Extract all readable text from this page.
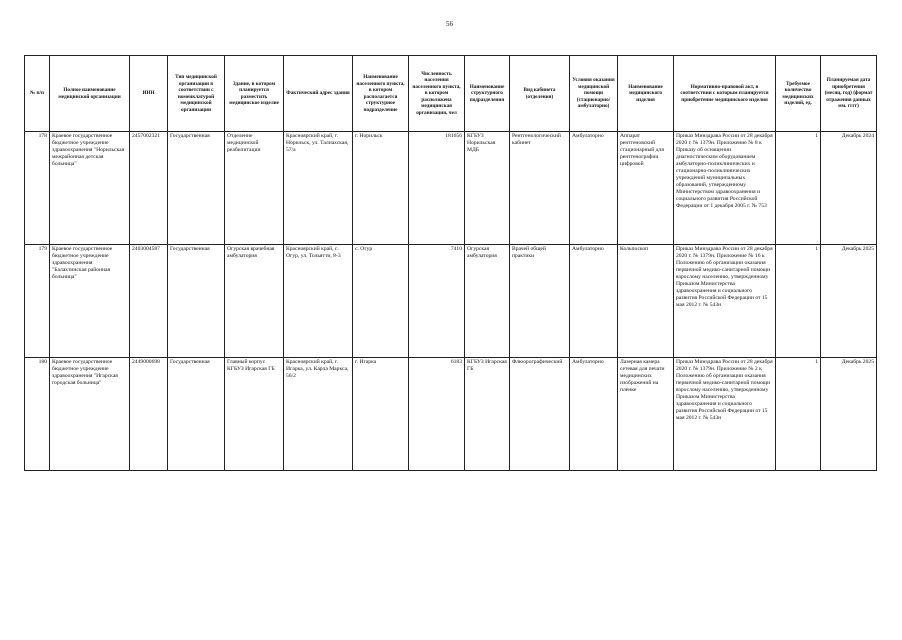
56
№ п/п	Полное наименование медицинской организации	ИНН	Тип медицинской организации в соответствии с номенклатурой медицинской организации	Здание, в котором планируется разместить медицинское изделие	Фактический адрес здания	Наименование населенного пункта, в котором располагается структурное подразделение	Численность населения населенного пункта, в котором расположена медицинская организация, чел	Наименование структурного подразделения	Вид кабинета (отделения)	Условия оказания медицинской помощи (стационарно/амбулаторно)	Наименование медицинского изделия	Нормативно-правовой акт, в соответствии с которым планируется приобретение медицинского изделия	Требуемое количество медицинских изделий, ед.	Планируемая дата приобретения (месяц, год) (формат отражения данных мм. гггг)
178	Краевое государственное бюджетное учреждение здравоохранения "Норильская межрайонная детская больница"	2457002321	Государственная	Отделение медицинской реабилитации	Красноярский край, г. Норильск, ул. Талнахская, 57/а	г. Норильск	181656	КГБУЗ Норильская МДБ	Рентгенологический кабинет	Амбулаторно	Аппарат рентгеновский стационарный для рентгенографии цифровой	Приказ Минздрава России от 28 декабря 2020 г. № 1379н. Приложение № 8 к Приказу об оснащении диагностическим оборудованием амбулаторно-поликлинических и стационарно-поликлинических учреждений муниципальных образований, утвержденному Министерством здравоохранения и социального развития Российской Федерации от 1 декабря 2005 г. № 753	1	Декабрь 2024
179	Краевое государственное бюджетное учреждение здравоохранения "Балахтинская районная больница"	2403004587	Государственная	Огурская врачебная амбулатория	Красноярский край, с. Огур, ул. Тольятти, 8-3	с. Огур	7410	Огурская амбулатория	Врачей общей практики	Амбулаторно	Кольпоскоп	Приказ Минздрава России от 28 декабря 2020 г. № 1379н. Приложение № 16 к Положению об организации оказания первичной медико-санитарной помощи взрослому населению, утвержденному Приказом Министерства здравоохранения и социального развития Российской Федерации от 15 мая 2012 г. № 543н	1	Декабрь 2025
180	Краевое государственное бюджетное учреждение здравоохранения "Игарская городская больница"	2449000698	Государственная	Главный корпус КГБУЗ Игарская ГБ	Красноярский край, г. Игарка, ул. Карла Маркса, 56/2	г. Игарка	6183	КГБУЗ Игарская ГБ	Флюорографический	Амбулаторно	Лазерная камера сетевая для печати медицинских изображений на пленке	Приказ Минздрава России от 28 декабря 2020 г. № 1379н. Приложение № 2 к Положению об организации оказания первичной медико-санитарной помощи взрослому населению, утвержденному Приказом Министерства здравоохранения и социального развития Российской Федерации от 15 мая 2012 г. № 543н	1	Декабрь 2025
